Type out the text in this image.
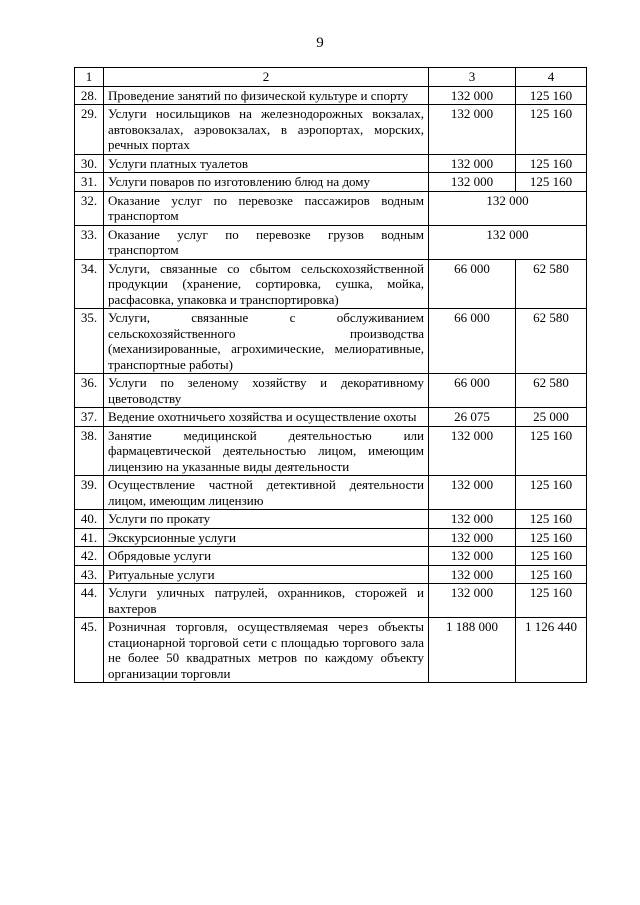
9
1	2	3	4
28.	Проведение занятий по физической культуре и спорту	132 000	125 160
29.	Услуги носильщиков на железнодорожных вокзалах, автовокзалах, аэровокзалах, в аэропортах, морских, речных портах	132 000	125 160
30.	Услуги платных туалетов	132 000	125 160
31.	Услуги поваров по изготовлению блюд на дому	132 000	125 160
32.	Оказание услуг по перевозке пассажиров водным транспортом	132 000	
33.	Оказание услуг по перевозке грузов водным транспортом	132 000	
34.	Услуги, связанные со сбытом сельскохозяйственной продукции (хранение, сортировка, сушка, мойка, расфасовка, упаковка и транспортировка)	66 000	62 580
35.	Услуги, связанные с обслуживанием сельскохозяйственного производства (механизированные, агрохимические, мелиоративные, транспортные работы)	66 000	62 580
36.	Услуги по зеленому хозяйству и декоративному цветоводству	66 000	62 580
37.	Ведение охотничьего хозяйства и осуществление охоты	26 075	25 000
38.	Занятие медицинской деятельностью или фармацевтической деятельностью лицом, имеющим лицензию на указанные виды деятельности	132 000	125 160
39.	Осуществление частной детективной деятельности лицом, имеющим лицензию	132 000	125 160
40.	Услуги по прокату	132 000	125 160
41.	Экскурсионные услуги	132 000	125 160
42.	Обрядовые услуги	132 000	125 160
43.	Ритуальные услуги	132 000	125 160
44.	Услуги уличных патрулей, охранников, сторожей и вахтеров	132 000	125 160
45.	Розничная торговля, осуществляемая через объекты стационарной торговой сети с площадью торгового зала не более 50 квадратных метров по каждому объекту организации торговли	1 188 000	1 126 440
